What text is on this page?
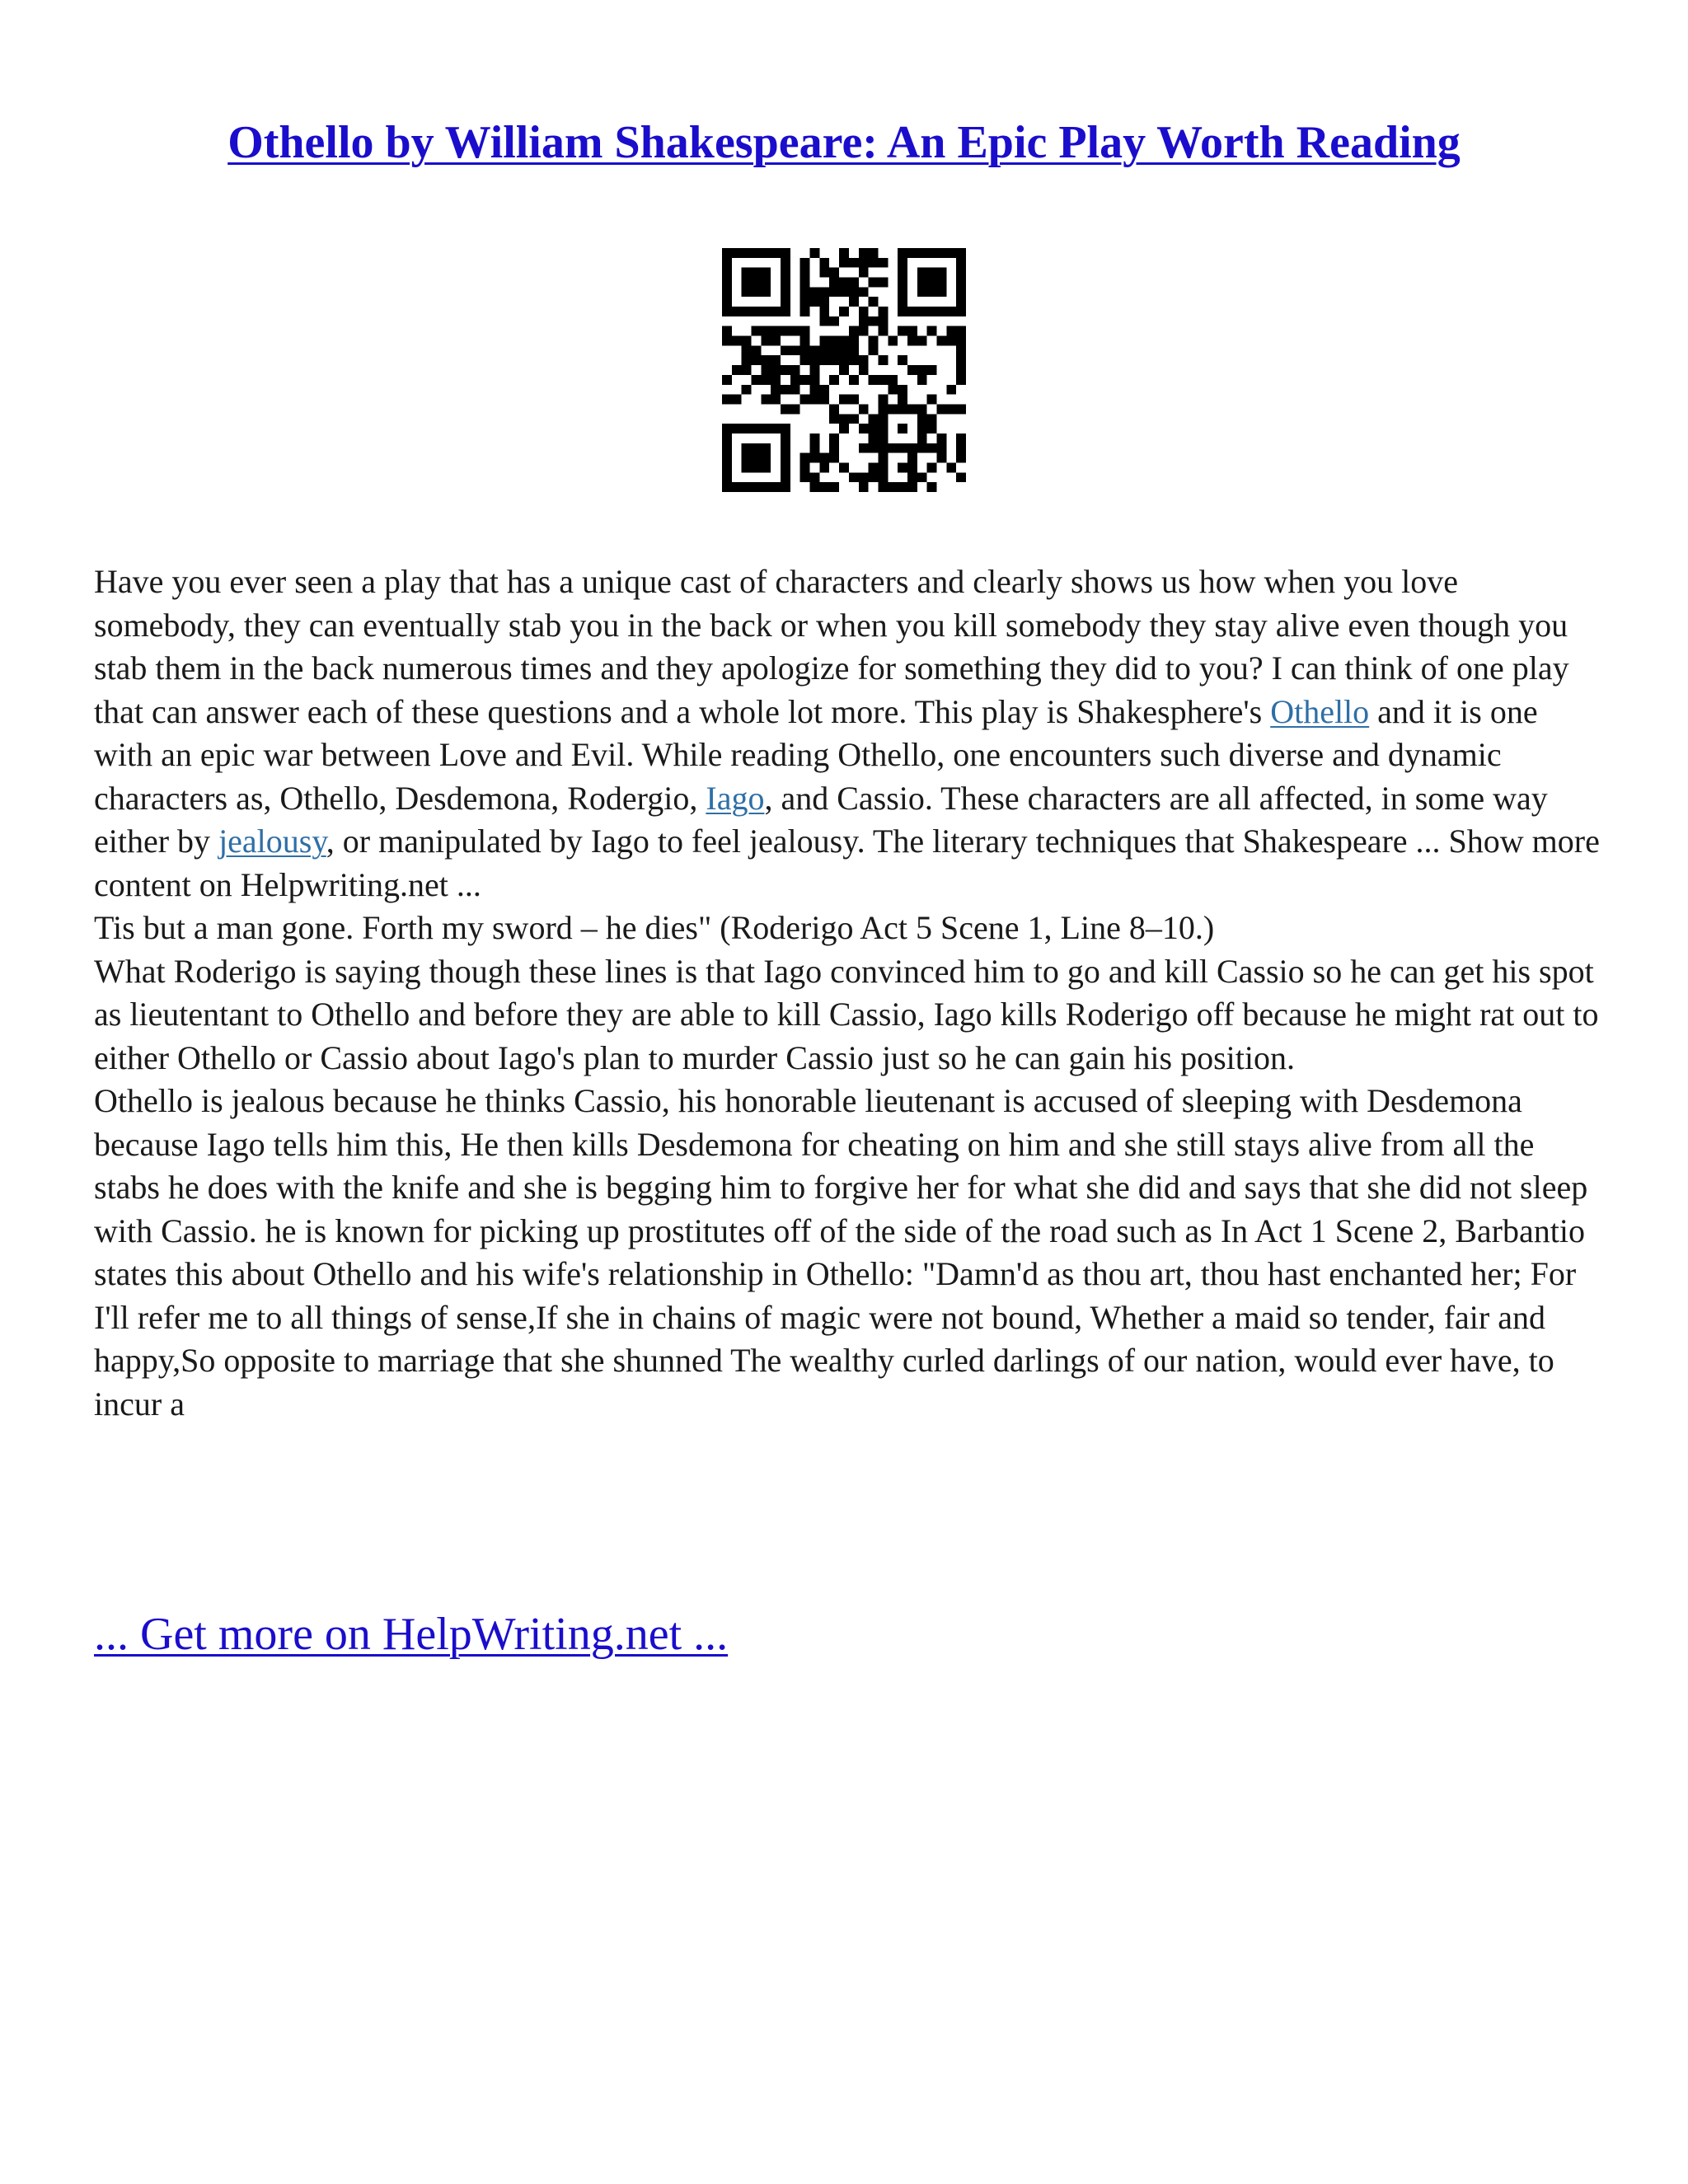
Othello by William Shakespeare: An Epic Play Worth Reading

Have you ever seen a play that has a unique cast of characters and clearly shows us how when you love somebody, they can eventually stab you in the back or when you kill somebody they stay alive even though you stab them in the back numerous times and they apologize for something they did to you? I can think of one play that can answer each of these questions and a whole lot more. This play is Shakesphere's Othello and it is one with an epic war between Love and Evil. While reading Othello, one encounters such diverse and dynamic characters as, Othello, Desdemona, Rodergio, Iago, and Cassio. These characters are all affected, in some way either by jealousy, or manipulated by Iago to feel jealousy. The literary techniques that Shakespeare ... Show more content on Helpwriting.net ...

Tis but a man gone. Forth my sword – he dies" (Roderigo Act 5 Scene 1, Line 8–10.)

What Roderigo is saying though these lines is that Iago convinced him to go and kill Cassio so he can get his spot as lieutentant to Othello and before they are able to kill Cassio, Iago kills Roderigo off because he might rat out to either Othello or Cassio about Iago's plan to murder Cassio just so he can gain his position.

Othello is jealous because he thinks Cassio, his honorable lieutenant is accused of sleeping with Desdemona because Iago tells him this, He then kills Desdemona for cheating on him and she still stays alive from all the stabs he does with the knife and she is begging him to forgive her for what she did and says that she did not sleep with Cassio. he is known for picking up prostitutes off of the side of the road such as In Act 1 Scene 2, Barbantio states this about Othello and his wife's relationship in Othello: "Damn'd as thou art, thou hast enchanted her; For I'll refer me to all things of sense,If she in chains of magic were not bound, Whether a maid so tender, fair and happy,So opposite to marriage that she shunned The wealthy curled darlings of our nation, would ever have, to incur a

... Get more on HelpWriting.net ...
